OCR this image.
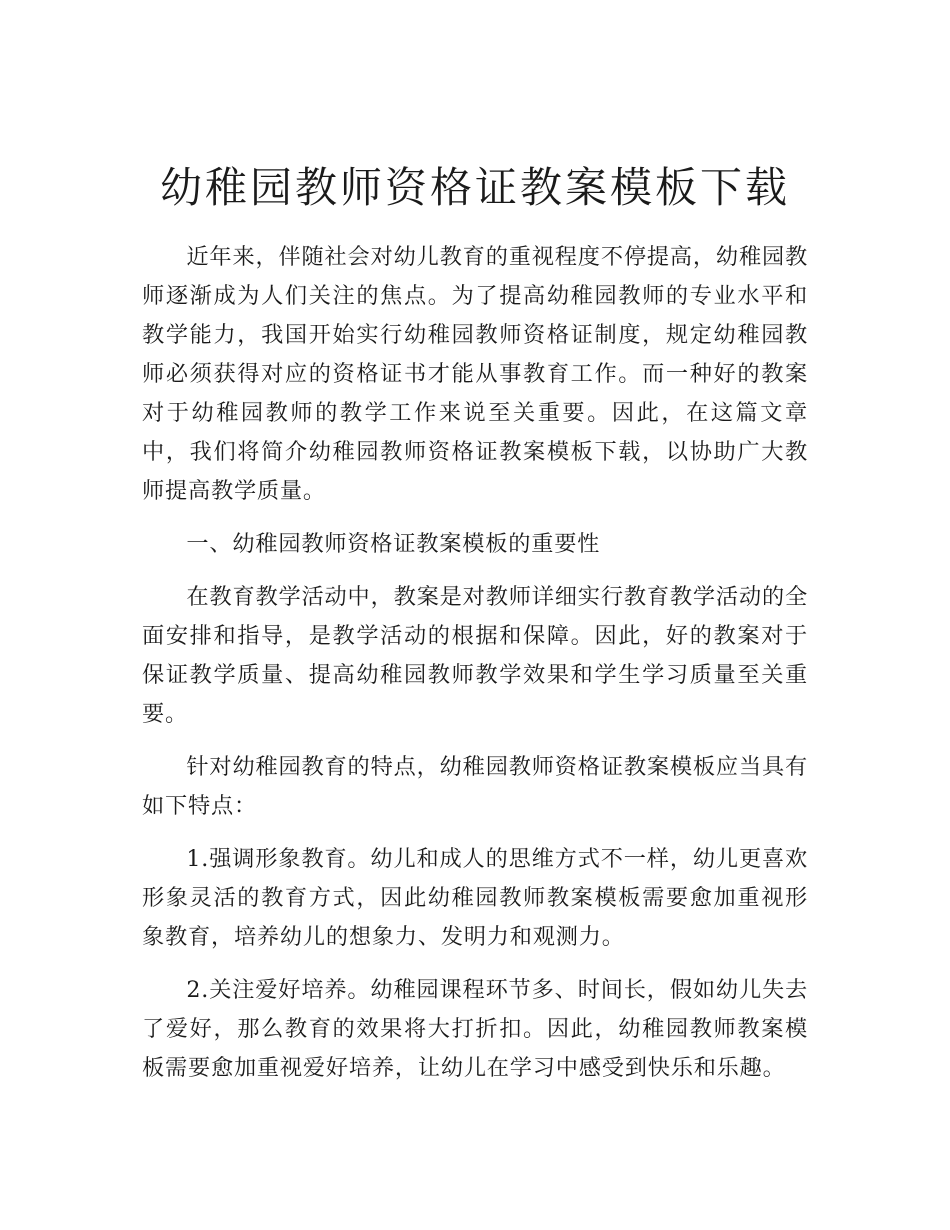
幼稚园教师资格证教案模板下载

近年来，伴随社会对幼儿教育的重视程度不停提高，幼稚园教师逐渐成为人们关注的焦点。为了提高幼稚园教师的专业水平和教学能力，我国开始实行幼稚园教师资格证制度，规定幼稚园教师必须获得对应的资格证书才能从事教育工作。而一种好的教案对于幼稚园教师的教学工作来说至关重要。因此，在这篇文章中，我们将简介幼稚园教师资格证教案模板下载，以协助广大教师提高教学质量。

一、幼稚园教师资格证教案模板的重要性

在教育教学活动中，教案是对教师详细实行教育教学活动的全面安排和指导，是教学活动的根据和保障。因此，好的教案对于保证教学质量、提高幼稚园教师教学效果和学生学习质量至关重要。

针对幼稚园教育的特点，幼稚园教师资格证教案模板应当具有如下特点：

1.强调形象教育。幼儿和成人的思维方式不一样，幼儿更喜欢形象灵活的教育方式，因此幼稚园教师教案模板需要愈加重视形象教育，培养幼儿的想象力、发明力和观测力。

2.关注爱好培养。幼稚园课程环节多、时间长，假如幼儿失去了爱好，那么教育的效果将大打折扣。因此，幼稚园教师教案模板需要愈加重视爱好培养，让幼儿在学习中感受到快乐和乐趣。
